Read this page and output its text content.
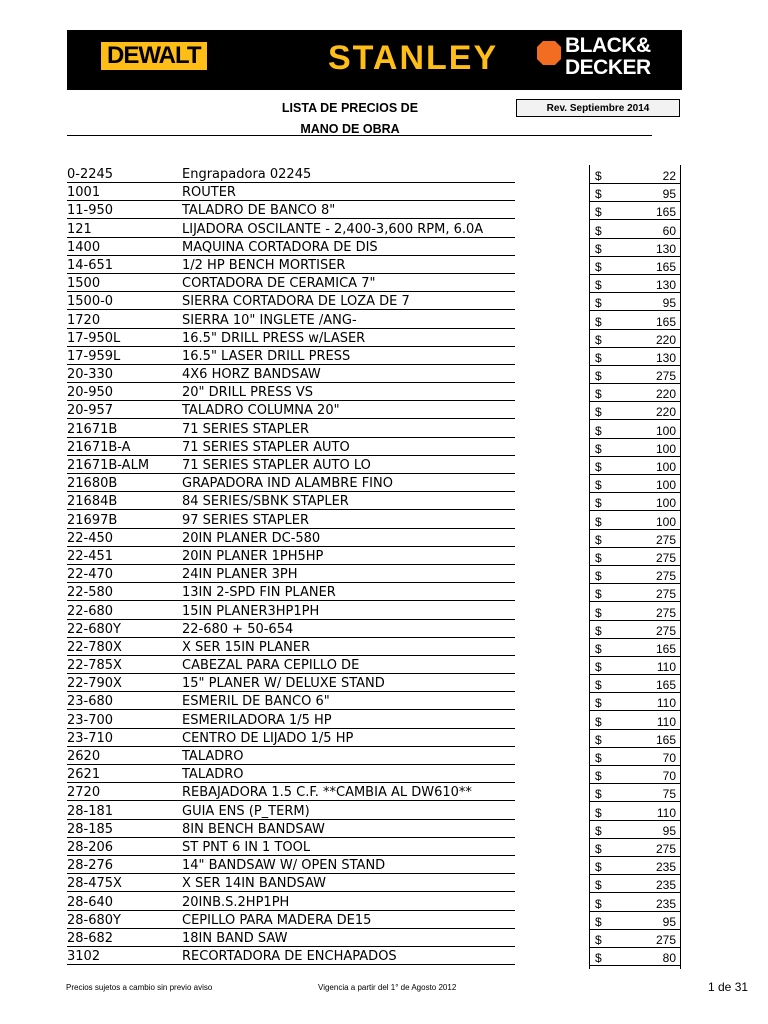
DEWALT	STANLEY	BLACK&
DECKER
LISTA DE PRECIOS DE
MANO DE OBRA
Rev. Septiembre 2014
0-2245	Engrapadora 02245	$	22
1001	ROUTER	$	95
11-950	TALADRO DE BANCO 8"	$	165
121	LIJADORA OSCILANTE - 2,400-3,600 RPM, 6.0A	$	60
1400	MAQUINA CORTADORA DE DIS	$	130
14-651	1/2 HP BENCH MORTISER	$	165
1500	CORTADORA DE CERAMICA 7"	$	130
1500-0	SIERRA CORTADORA DE LOZA DE 7	$	95
1720	SIERRA 10" INGLETE /ANG-	$	165
17-950L	16.5" DRILL PRESS w/LASER	$	220
17-959L	16.5" LASER DRILL PRESS	$	130
20-330	4X6 HORZ BANDSAW	$	275
20-950	20" DRILL PRESS VS	$	220
20-957	TALADRO COLUMNA 20"	$	220
21671B	71 SERIES STAPLER	$	100
21671B-A	71 SERIES STAPLER AUTO	$	100
21671B-ALM	71 SERIES STAPLER AUTO LO	$	100
21680B	GRAPADORA IND ALAMBRE FINO	$	100
21684B	84 SERIES/SBNK STAPLER	$	100
21697B	97 SERIES STAPLER	$	100
22-450	20IN PLANER DC-580	$	275
22-451	20IN PLANER 1PH5HP	$	275
22-470	24IN PLANER 3PH	$	275
22-580	13IN 2-SPD FIN PLANER	$	275
22-680	15IN PLANER3HP1PH	$	275
22-680Y	22-680 + 50-654	$	275
22-780X	X SER 15IN PLANER	$	165
22-785X	CABEZAL PARA CEPILLO DE	$	110
22-790X	15" PLANER W/ DELUXE STAND	$	165
23-680	ESMERIL DE BANCO 6"	$	110
23-700	ESMERILADORA 1/5 HP	$	110
23-710	CENTRO DE LIJADO 1/5 HP	$	165
2620	TALADRO	$	70
2621	TALADRO	$	70
2720	REBAJADORA 1.5 C.F. **CAMBIA AL DW610**	$	75
28-181	GUIA ENS (P_TERM)	$	110
28-185	8IN BENCH BANDSAW	$	95
28-206	ST PNT 6 IN 1 TOOL	$	275
28-276	14" BANDSAW W/ OPEN STAND	$	235
28-475X	X SER 14IN BANDSAW	$	235
28-640	20INB.S.2HP1PH	$	235
28-680Y	CEPILLO PARA MADERA DE15	$	95
28-682	18IN BAND SAW	$	275
3102	RECORTADORA DE ENCHAPADOS	$	80
Precios sujetos a cambio sin previo aviso	Vigencia a partir del 1° de Agosto 2012	1 de 31
